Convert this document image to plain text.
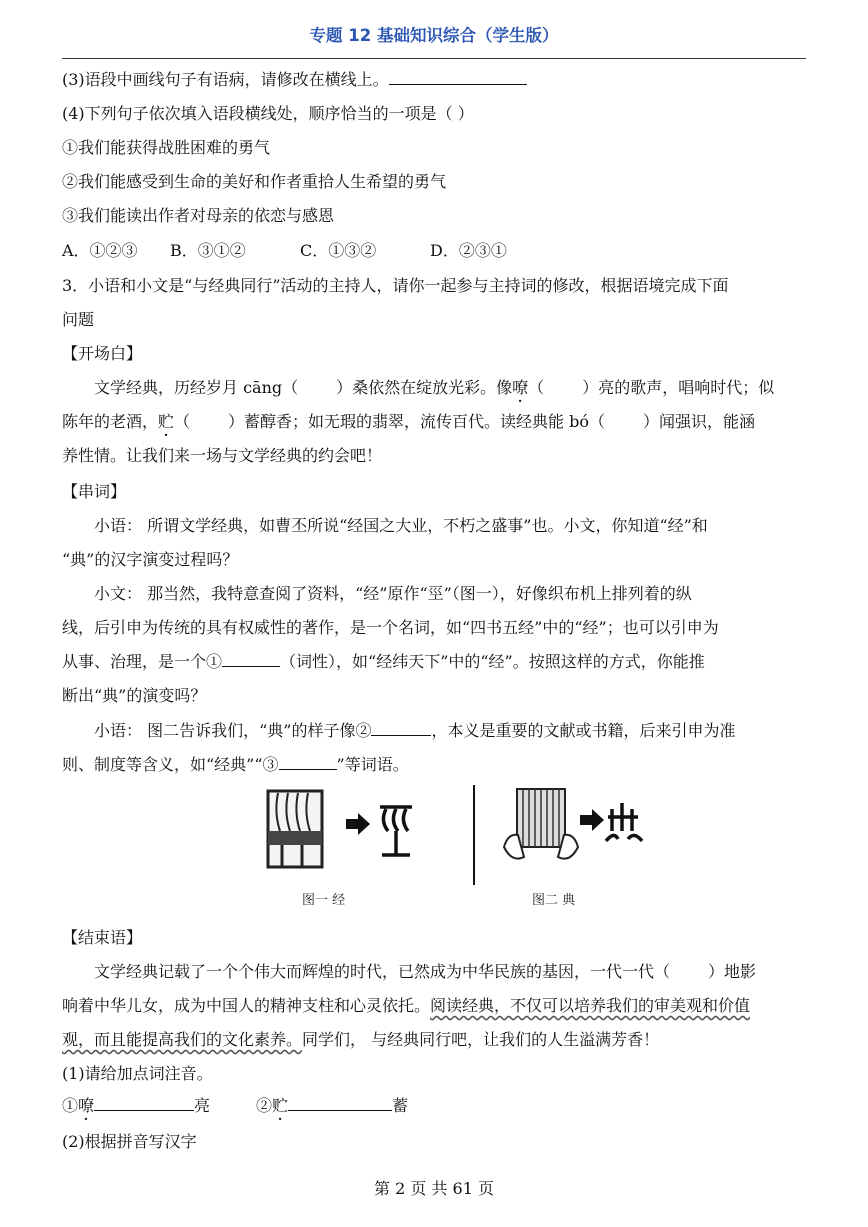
专题 12 基础知识综合（学生版）
(3)语段中画线句子有语病，请修改在横线上。
(4)下列句子依次填入语段横线处，顺序恰当的一项是（ ）
①我们能获得战胜困难的勇气
②我们能感受到生命的美好和作者重拾人生希望的勇气
③我们能读出作者对母亲的依恋与感恩
A．①②③ B．③①②	C．①③②	D．②③①
3．小语和小文是“与经典同行”活动的主持人，请你一起参与主持词的修改，根据语境完成下面
问题
【开场白】
文学经典，历经岁月 cāng（ ）桑依然在绽放光彩。像嘹（ ）亮的歌声，唱响时代；似
陈年的老酒，贮（ ）蓄醇香；如无瑕的翡翠，流传百代。读经典能 bó（ ）闻强识，能涵
养性情。让我们来一场与文学经典的约会吧！
【串词】
小语： 所谓文学经典，如曹丕所说“经国之大业，不朽之盛事”也。小文，你知道“经”和
“典”的汉字演变过程吗？
小文： 那当然，我特意查阅了资料，“经”原作“巠”（图一），好像织布机上排列着的纵
线，后引申为传统的具有权威性的著作，是一个名词，如“四书五经”中的“经”；也可以引申为
从事、治理，是一个①	（词性），如“经纬天下”中的“经”。按照这样的方式，你能推
断出“典”的演变吗？
小语： 图二告诉我们，“典”的样子像②	，本义是重要的文献或书籍，后来引申为准
则、制度等含义，如“经典”“③	”等词语。
图一 经	图二 典
【结束语】
文学经典记载了一个个伟大而辉煌的时代，已然成为中华民族的基因，一代一代（ ）地影
响着中华儿女，成为中国人的精神支柱和心灵依托。阅读经典，不仅可以培养我们的审美观和价值
观，而且能提高我们的文化素养。同学们， 与经典同行吧，让我们的人生溢满芳香！
(1)请给加点词注音。
①嘹	亮	②贮	蓄
(2)根据拼音写汉字
第 2 页 共 61 页
